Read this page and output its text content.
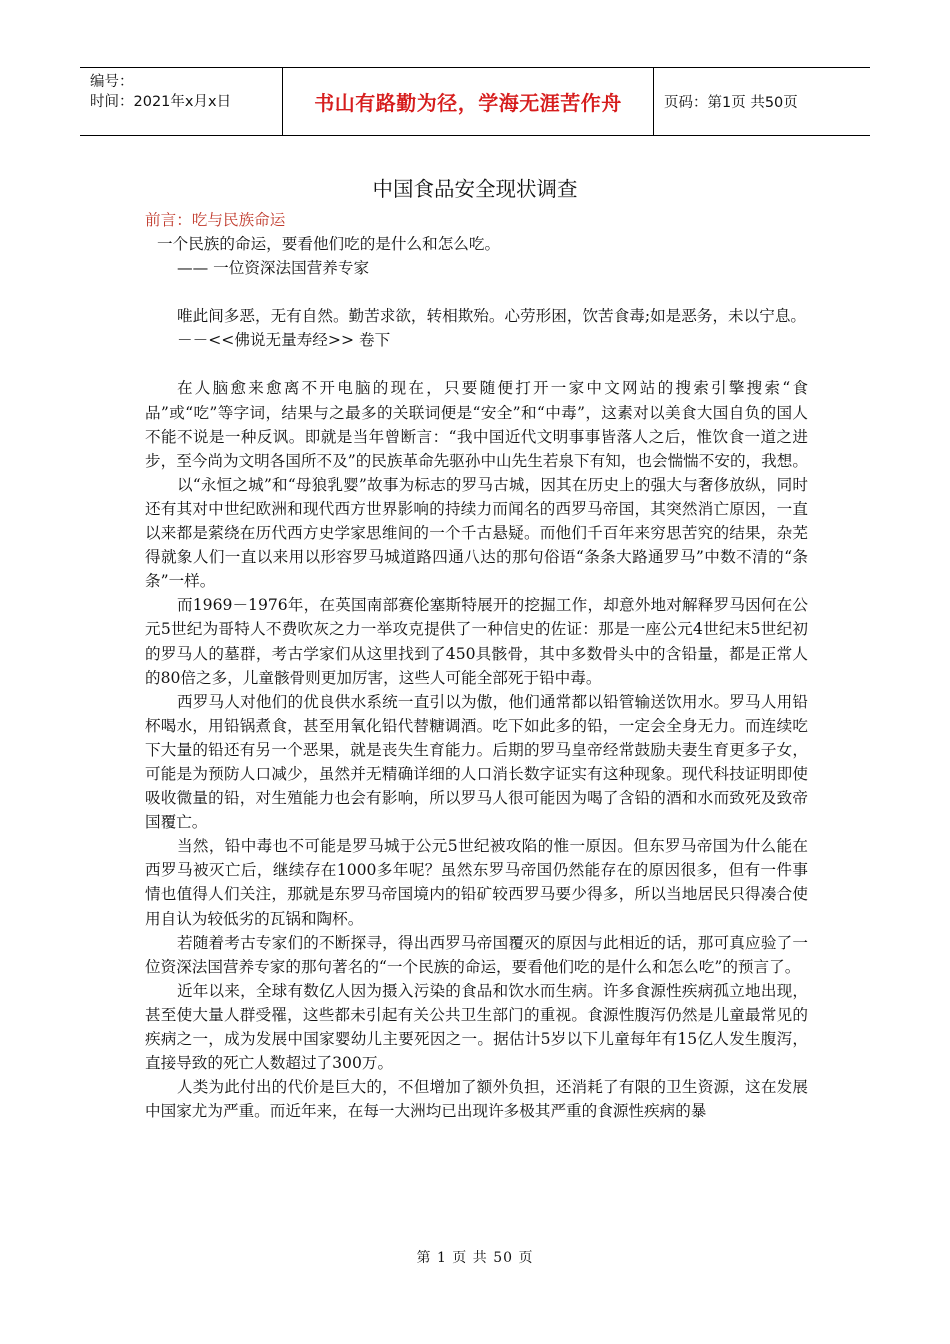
编号：
时间：2021年x月x日	书山有路勤为径，学海无涯苦作舟	页码：第1页 共50页
中国食品安全现状调查

前言：吃与民族命运

一个民族的命运，要看他们吃的是什么和怎么吃。

—— 一位资深法国营养专家

唯此间多恶，无有自然。勤苦求欲，转相欺殆。心劳形困，饮苦食毒;如是恶务，未以宁息。

－－<<佛说无量寿经>> 卷下

在人脑愈来愈离不开电脑的现在，只要随便打开一家中文网站的搜索引擎搜索“食品”或“吃”等字词，结果与之最多的关联词便是“安全”和“中毒”，这素对以美食大国自负的国人不能不说是一种反讽。即就是当年曾断言：“我中国近代文明事事皆落人之后，惟饮食一道之进步，至今尚为文明各国所不及”的民族革命先驱孙中山先生若泉下有知，也会惴惴不安的，我想。

以“永恒之城”和“母狼乳婴”故事为标志的罗马古城，因其在历史上的强大与奢侈放纵，同时还有其对中世纪欧洲和现代西方世界影响的持续力而闻名的西罗马帝国，其突然消亡原因，一直以来都是萦绕在历代西方史学家思维间的一个千古悬疑。而他们千百年来穷思苦究的结果，杂芜得就象人们一直以来用以形容罗马城道路四通八达的那句俗语“条条大路通罗马”中数不清的“条条”一样。

而1969－1976年，在英国南部赛伦塞斯特展开的挖掘工作，却意外地对解释罗马因何在公元5世纪为哥特人不费吹灰之力一举攻克提供了一种信史的佐证：那是一座公元4世纪末5世纪初的罗马人的墓群，考古学家们从这里找到了450具骸骨，其中多数骨头中的含铅量，都是正常人的80倍之多，儿童骸骨则更加厉害，这些人可能全部死于铅中毒。

西罗马人对他们的优良供水系统一直引以为傲，他们通常都以铅管输送饮用水。罗马人用铅杯喝水，用铅锅煮食，甚至用氧化铅代替糖调酒。吃下如此多的铅，一定会全身无力。而连续吃下大量的铅还有另一个恶果，就是丧失生育能力。后期的罗马皇帝经常鼓励夫妻生育更多子女，可能是为预防人口减少，虽然并无精确详细的人口消长数字证实有这种现象。现代科技证明即使吸收微量的铅，对生殖能力也会有影响，所以罗马人很可能因为喝了含铅的酒和水而致死及致帝国覆亡。

当然，铅中毒也不可能是罗马城于公元5世纪被攻陷的惟一原因。但东罗马帝国为什么能在西罗马被灭亡后，继续存在1000多年呢？虽然东罗马帝国仍然能存在的原因很多，但有一件事情也值得人们关注，那就是东罗马帝国境内的铅矿较西罗马要少得多，所以当地居民只得凑合使用自认为较低劣的瓦锅和陶杯。

若随着考古专家们的不断探寻，得出西罗马帝国覆灭的原因与此相近的话，那可真应验了一位资深法国营养专家的那句著名的“一个民族的命运，要看他们吃的是什么和怎么吃”的预言了。

近年以来，全球有数亿人因为摄入污染的食品和饮水而生病。许多食源性疾病孤立地出现，甚至使大量人群受罹，这些都未引起有关公共卫生部门的重视。食源性腹泻仍然是儿童最常见的疾病之一，成为发展中国家婴幼儿主要死因之一。据估计5岁以下儿童每年有15亿人发生腹泻，直接导致的死亡人数超过了300万。

人类为此付出的代价是巨大的，不但增加了额外负担，还消耗了有限的卫生资源，这在发展中国家尤为严重。而近年来，在每一大洲均已出现许多极其严重的食源性疾病的暴

第 1 页 共 50 页
